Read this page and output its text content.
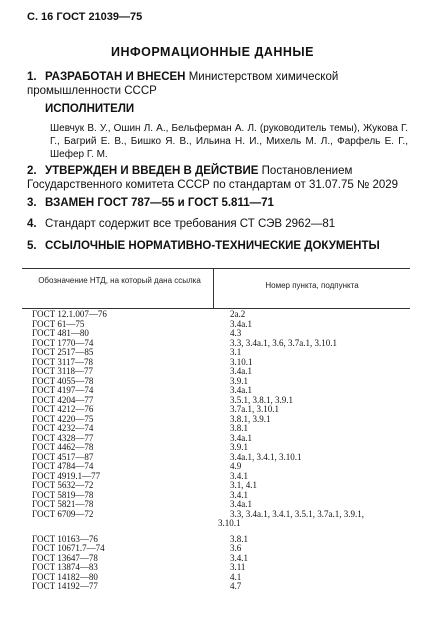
С. 16 ГОСТ 21039—75
ИНФОРМАЦИОННЫЕ ДАННЫЕ
1. РАЗРАБОТАН И ВНЕСЕН Министерством химической промышленности СССР
ИСПОЛНИТЕЛИ
Шевчук В. У., Ошин Л. А., Бельферман А. Л. (руководитель темы), Жукова Г. Г., Багрий Е. В., Бишко Я. В., Ильина Н. И., Михель М. Л., Фарфель Е. Г., Шефер Г. М.
2. УТВЕРЖДЕН И ВВЕДЕН В ДЕЙСТВИЕ Постановлением Государственного комитета СССР по стандартам от 31.07.75 № 2029
3. ВЗАМЕН ГОСТ 787—55 и ГОСТ 5.811—71
4. Стандарт содержит все требования СТ СЭВ 2962—81
5. ССЫЛОЧНЫЕ НОРМАТИВНО-ТЕХНИЧЕСКИЕ ДОКУМЕНТЫ
Обозначение НТД, на который дана ссылка
Номер пункта, подпункта
ГОСТ 12.1.007—76	2а.2
ГОСТ 61—75	3.4а.1
ГОСТ 481—80	4.3
ГОСТ 1770—74	3.3, 3.4а.1, 3.6, 3.7а.1, 3.10.1
ГОСТ 2517—85	3.1
ГОСТ 3117—78	3.10.1
ГОСТ 3118—77	3.4а.1
ГОСТ 4055—78	3.9.1
ГОСТ 4197—74	3.4а.1
ГОСТ 4204—77	3.5.1, 3.8.1, 3.9.1
ГОСТ 4212—76	3.7а.1, 3.10.1
ГОСТ 4220—75	3.8.1, 3.9.1
ГОСТ 4232—74	3.8.1
ГОСТ 4328—77	3.4а.1
ГОСТ 4462—78	3.9.1
ГОСТ 4517—87	3.4а.1, 3.4.1, 3.10.1
ГОСТ 4784—74	4.9
ГОСТ 4919.1—77	3.4.1
ГОСТ 5632—72	3.1, 4.1
ГОСТ 5819—78	3.4.1
ГОСТ 5821—78	3.4а.1
ГОСТ 6709—72	3.3, 3.4а.1, 3.4.1, 3.5.1, 3.7а.1, 3.9.1,
3.10.1
ГОСТ 10163—76	3.8.1
ГОСТ 10671.7—74	3.6
ГОСТ 13647—78	3.4.1
ГОСТ 13874—83	3.11
ГОСТ 14182—80	4.1
ГОСТ 14192—77	4.7
